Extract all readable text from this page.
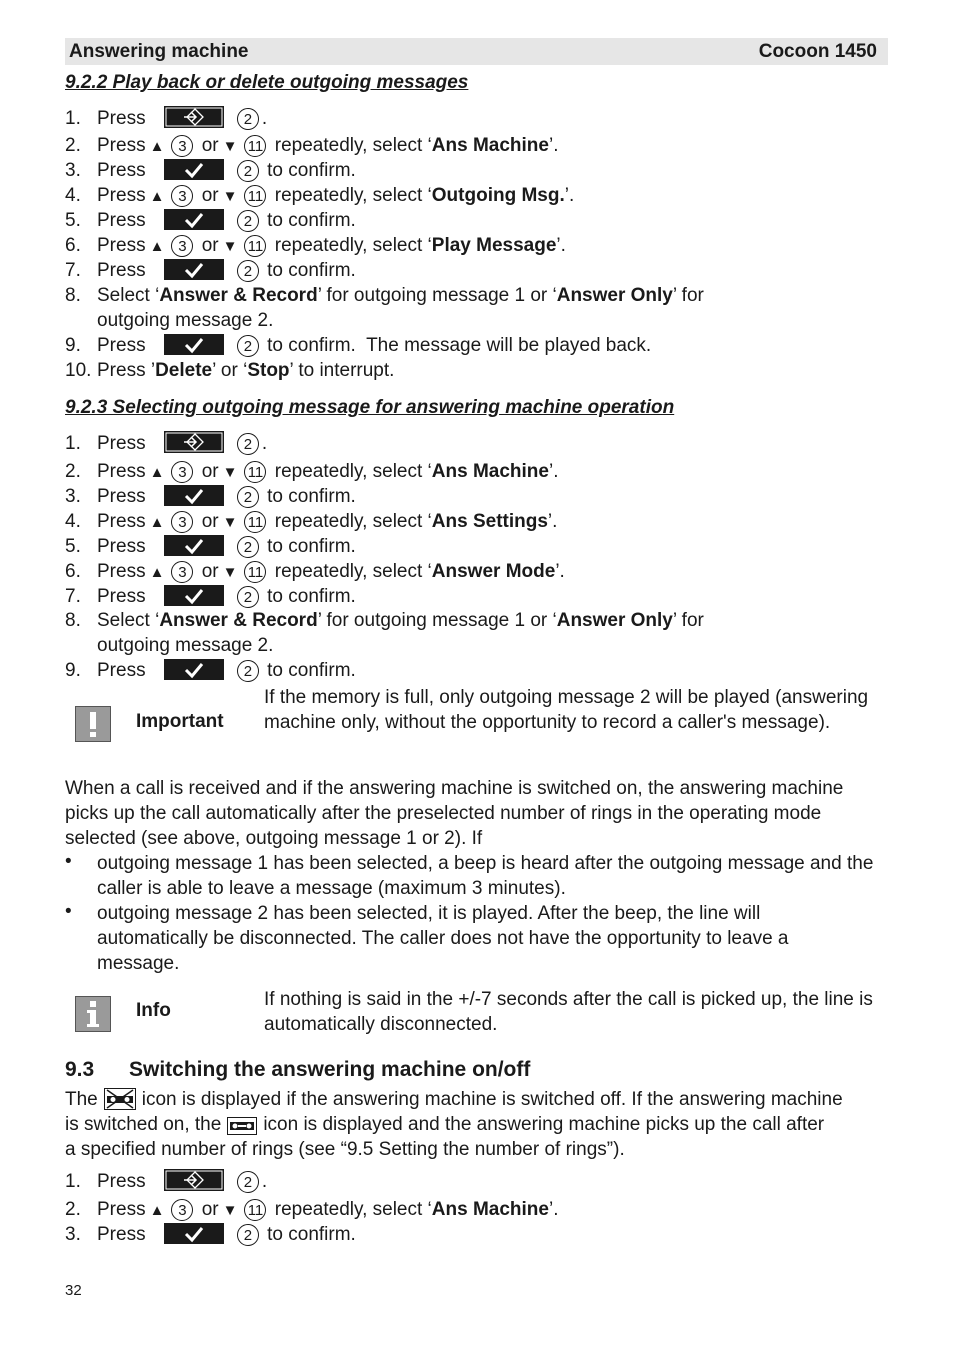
Answering machine	Cocoon 1450
9.2.2 Play back or delete outgoing messages
1. Press	2 .
2. Press ▲ 3 or ▼ 11 repeatedly, select ‘Ans Machine’.
3. Press	2 to confirm.
4. Press ▲ 3 or ▼ 11 repeatedly, select ‘Outgoing Msg.’.
5. Press	2 to confirm.
6. Press ▲ 3 or ▼ 11 repeatedly, select ‘Play Message’.
7. Press	2 to confirm.
8. Select ‘Answer & Record’ for outgoing message 1 or ‘Answer Only’ for
outgoing message 2.
9. Press	2 to confirm. The message will be played back.
10. Press ’Delete’ or ‘Stop’ to interrupt.
9.2.3 Selecting outgoing message for answering machine operation
1. Press	2 .
2. Press ▲ 3 or ▼ 11 repeatedly, select ‘Ans Machine’.
3. Press	2 to confirm.
4. Press ▲ 3 or ▼ 11 repeatedly, select ‘Ans Settings’.
5. Press	2 to confirm.
6. Press ▲ 3 or ▼ 11 repeatedly, select ‘Answer Mode’.
7. Press	2 to confirm.
8. Select ‘Answer & Record’ for outgoing message 1 or ‘Answer Only’ for
outgoing message 2.
9. Press	2 to confirm.
Important
If the memory is full, only outgoing message 2 will be played (answering machine only, without the opportunity to record a caller's message).
When a call is received and if the answering machine is switched on, the answering machine picks up the call automatically after the preselected number of rings in the operating mode selected (see above, outgoing message 1 or 2). If
• outgoing message 1 has been selected, a beep is heard after the outgoing message and the caller is able to leave a message (maximum 3 minutes).
• outgoing message 2 has been selected, it is played. After the beep, the line will automatically be disconnected. The caller does not have the opportunity to leave a message.
Info
If nothing is said in the +/-7 seconds after the call is picked up, the line is automatically disconnected.
9.3 Switching the answering machine on/off
The icon is displayed if the answering machine is switched off. If the answering machine
is switched on, the icon is displayed and the answering machine picks up the call after
a specified number of rings (see “9.5 Setting the number of rings”).
1. Press	2 .
2. Press ▲ 3 or ▼ 11 repeatedly, select ‘Ans Machine’.
3. Press	2 to confirm.
32
